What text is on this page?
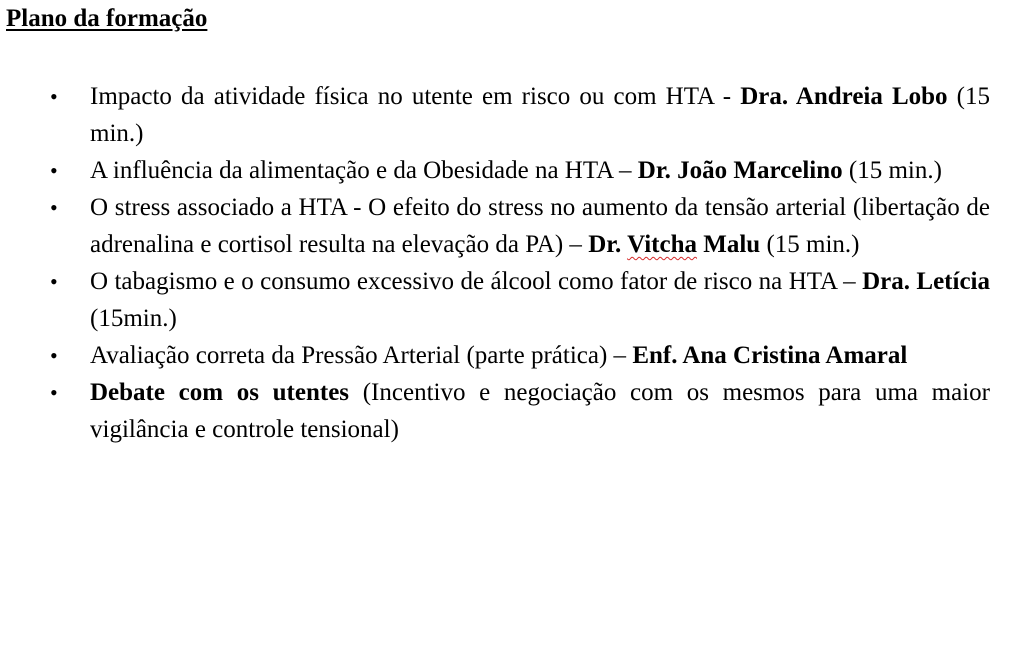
Plano da formação
• Impacto da atividade física no utente em risco ou com HTA - Dra. Andreia Lobo (15 min.)
• A influência da alimentação e da Obesidade na HTA – Dr. João Marcelino (15 min.)
• O stress associado a HTA - O efeito do stress no aumento da tensão arterial (libertação de adrenalina e cortisol resulta na elevação da PA) – Dr. Vitcha Malu (15 min.)
• O tabagismo e o consumo excessivo de álcool como fator de risco na HTA – Dra. Letícia (15min.)
• Avaliação correta da Pressão Arterial (parte prática) – Enf. Ana Cristina Amaral
• Debate com os utentes (Incentivo e negociação com os mesmos para uma maior vigilância e controle tensional)
